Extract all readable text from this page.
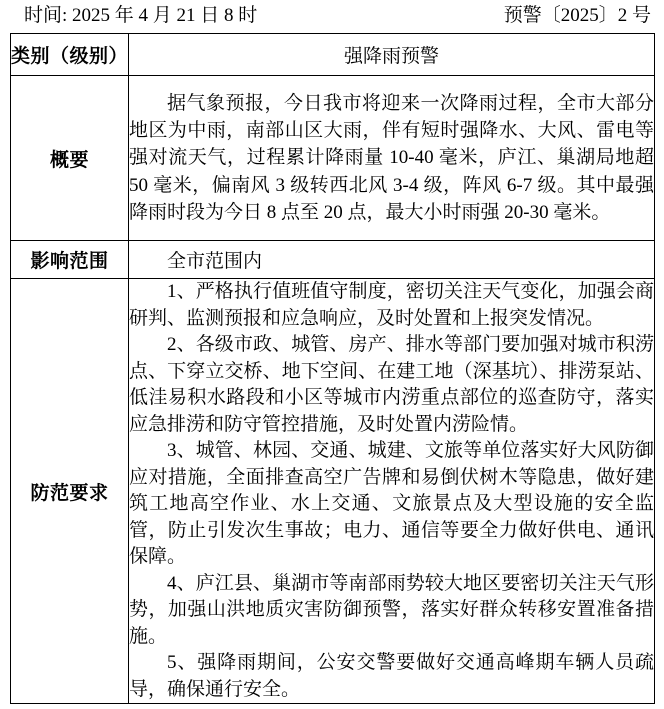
时间: 2025 年 4 月 21 日 8 时	预警〔2025〕2 号
类别（级别）	强降雨预警
概要	据气象预报，今日我市将迎来一次降雨过程，全市大部分地区为中雨，南部山区大雨，伴有短时强降水、大风、雷电等强对流天气，过程累计降雨量 10-40 毫米，庐江、巢湖局地超 50 毫米，偏南风 3 级转西北风 3-4 级，阵风 6-7 级。其中最强降雨时段为今日 8 点至 20 点，最大小时雨强 20-30 毫米。

影响范围	全市范围内

防范要求	1、严格执行值班值守制度，密切关注天气变化，加强会商研判、监测预报和应急响应，及时处置和上报突发情况。

2、各级市政、城管、房产、排水等部门要加强对城市积涝点、下穿立交桥、地下空间、在建工地（深基坑）、排涝泵站、低洼易积水路段和小区等城市内涝重点部位的巡查防守，落实应急排涝和防守管控措施，及时处置内涝险情。

3、城管、林园、交通、城建、文旅等单位落实好大风防御应对措施，全面排查高空广告牌和易倒伏树木等隐患，做好建筑工地高空作业、水上交通、文旅景点及大型设施的安全监管，防止引发次生事故；电力、通信等要全力做好供电、通讯保障。

4、庐江县、巢湖市等南部雨势较大地区要密切关注天气形势，加强山洪地质灾害防御预警，落实好群众转移安置准备措施。

5、强降雨期间，公安交警要做好交通高峰期车辆人员疏导，确保通行安全。
